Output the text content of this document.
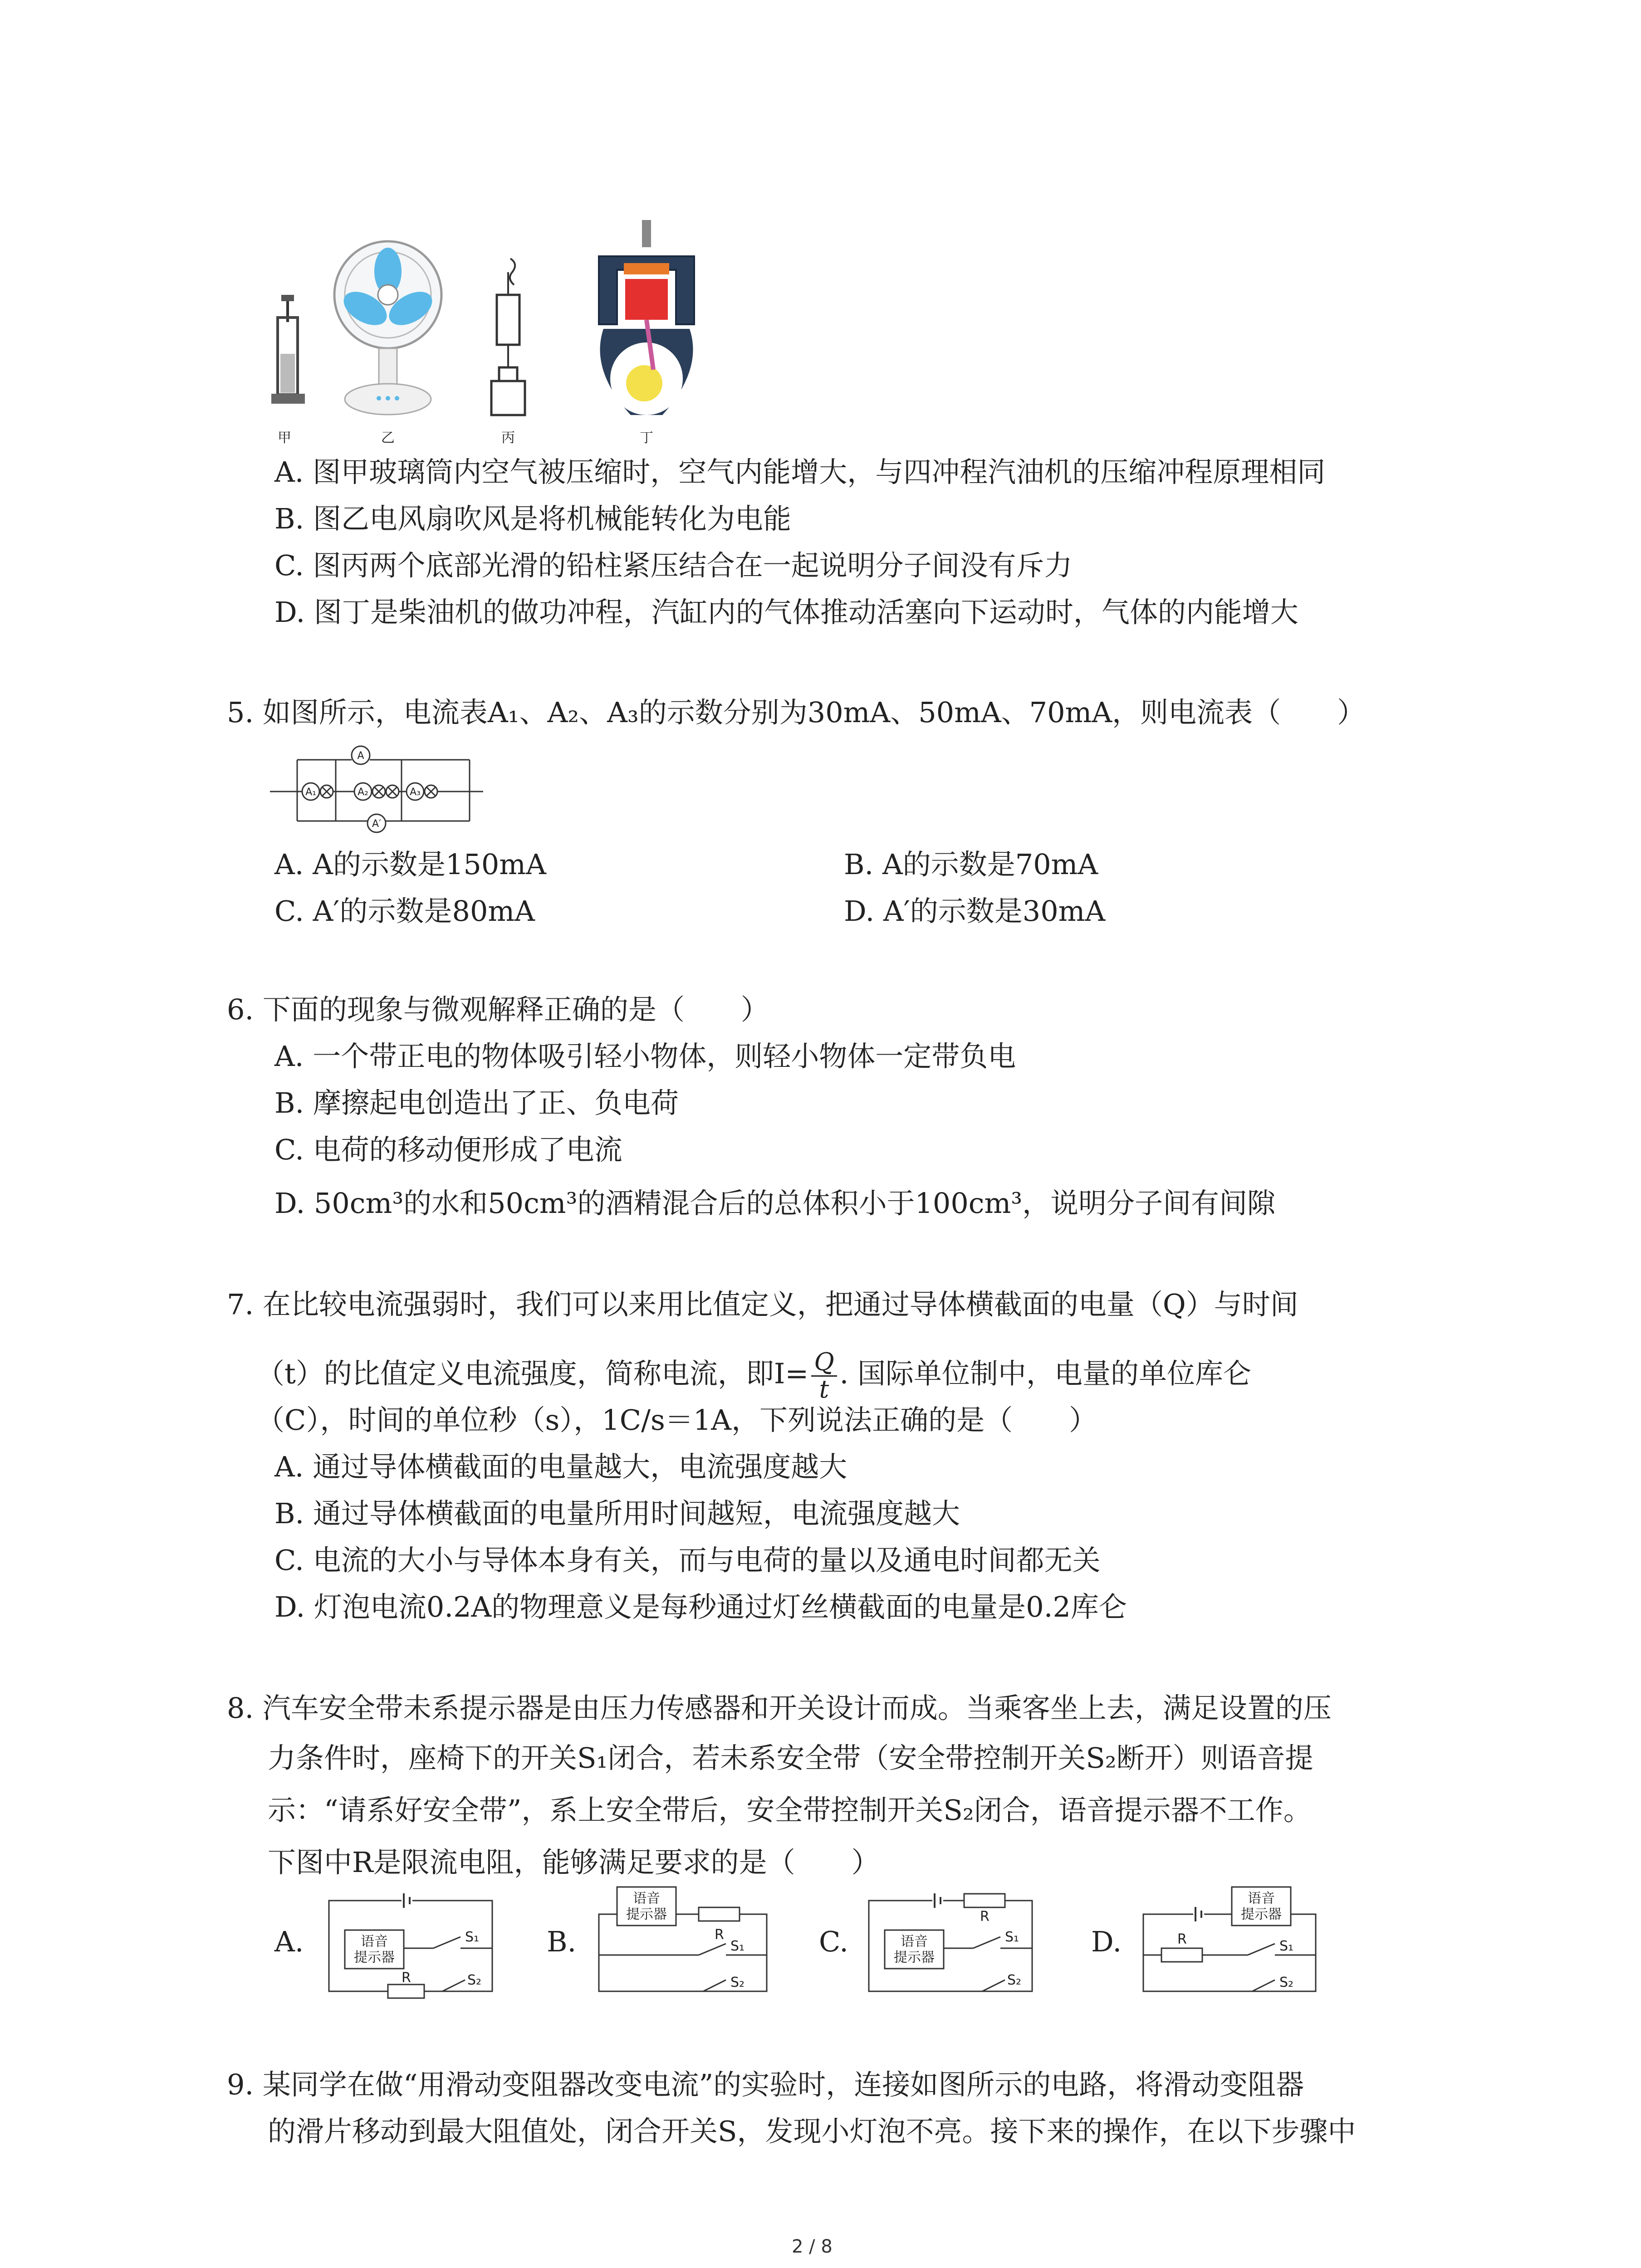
甲	乙	丙	丁
A. 图甲玻璃筒内空气被压缩时，空气内能增大，与四冲程汽油机的压缩冲程原理相同
B. 图乙电风扇吹风是将机械能转化为电能
C. 图丙两个底部光滑的铅柱紧压结合在一起说明分子间没有斥力
D. 图丁是柴油机的做功冲程，汽缸内的气体推动活塞向下运动时，气体的内能增大
5. 如图所示，电流表A₁、A₂、A₃的示数分别为30mA、50mA、70mA，则电流表（　　）
A
A₁	A₂	A₃
A′
A. A的示数是150mA	B. A的示数是70mA
C. A′的示数是80mA	D. A′的示数是30mA
6. 下面的现象与微观解释正确的是（　　）
A. 一个带正电的物体吸引轻小物体，则轻小物体一定带负电
B. 摩擦起电创造出了正、负电荷
C. 电荷的移动便形成了电流
D. 50cm³的水和50cm³的酒精混合后的总体积小于100cm³，说明分子间有间隙
7. 在比较电流强弱时，我们可以来用比值定义，把通过导体横截面的电量（Q）与时间
（t）的比值定义电流强度，简称电流，即$I= \frac{Q}{t}$ . 国际单位制中，电量的单位库仑
（C），时间的单位秒（s），1C/s＝1A，下列说法正确的是（　　）
A. 通过导体横截面的电量越大，电流强度越大
B. 通过导体横截面的电量所用时间越短，电流强度越大
C. 电流的大小与导体本身有关，而与电荷的量以及通电时间都无关
D. 灯泡电流0.2A的物理意义是每秒通过灯丝横截面的电量是0.2库仑
8. 汽车安全带未系提示器是由压力传感器和开关设计而成。当乘客坐上去，满足设置的压
力条件时，座椅下的开关S₁闭合，若未系安全带（安全带控制开关S₂断开）则语音提
示：“请系好安全带”，系上安全带后，安全带控制开关S₂闭合，语音提示器不工作。
下图中R是限流电阻，能够满足要求的是（　　）
A.	B.	C.	D.
语音
提示器
R
S₁
S₂
语音
提示器
R
S₁
S₂
语音
提示器
R
S₁
S₂
语音
提示器
R	S₁
S₂
9. 某同学在做“用滑动变阻器改变电流”的实验时，连接如图所示的电路，将滑动变阻器
的滑片移动到最大阻值处，闭合开关S，发现小灯泡不亮。接下来的操作，在以下步骤中
2 / 8
